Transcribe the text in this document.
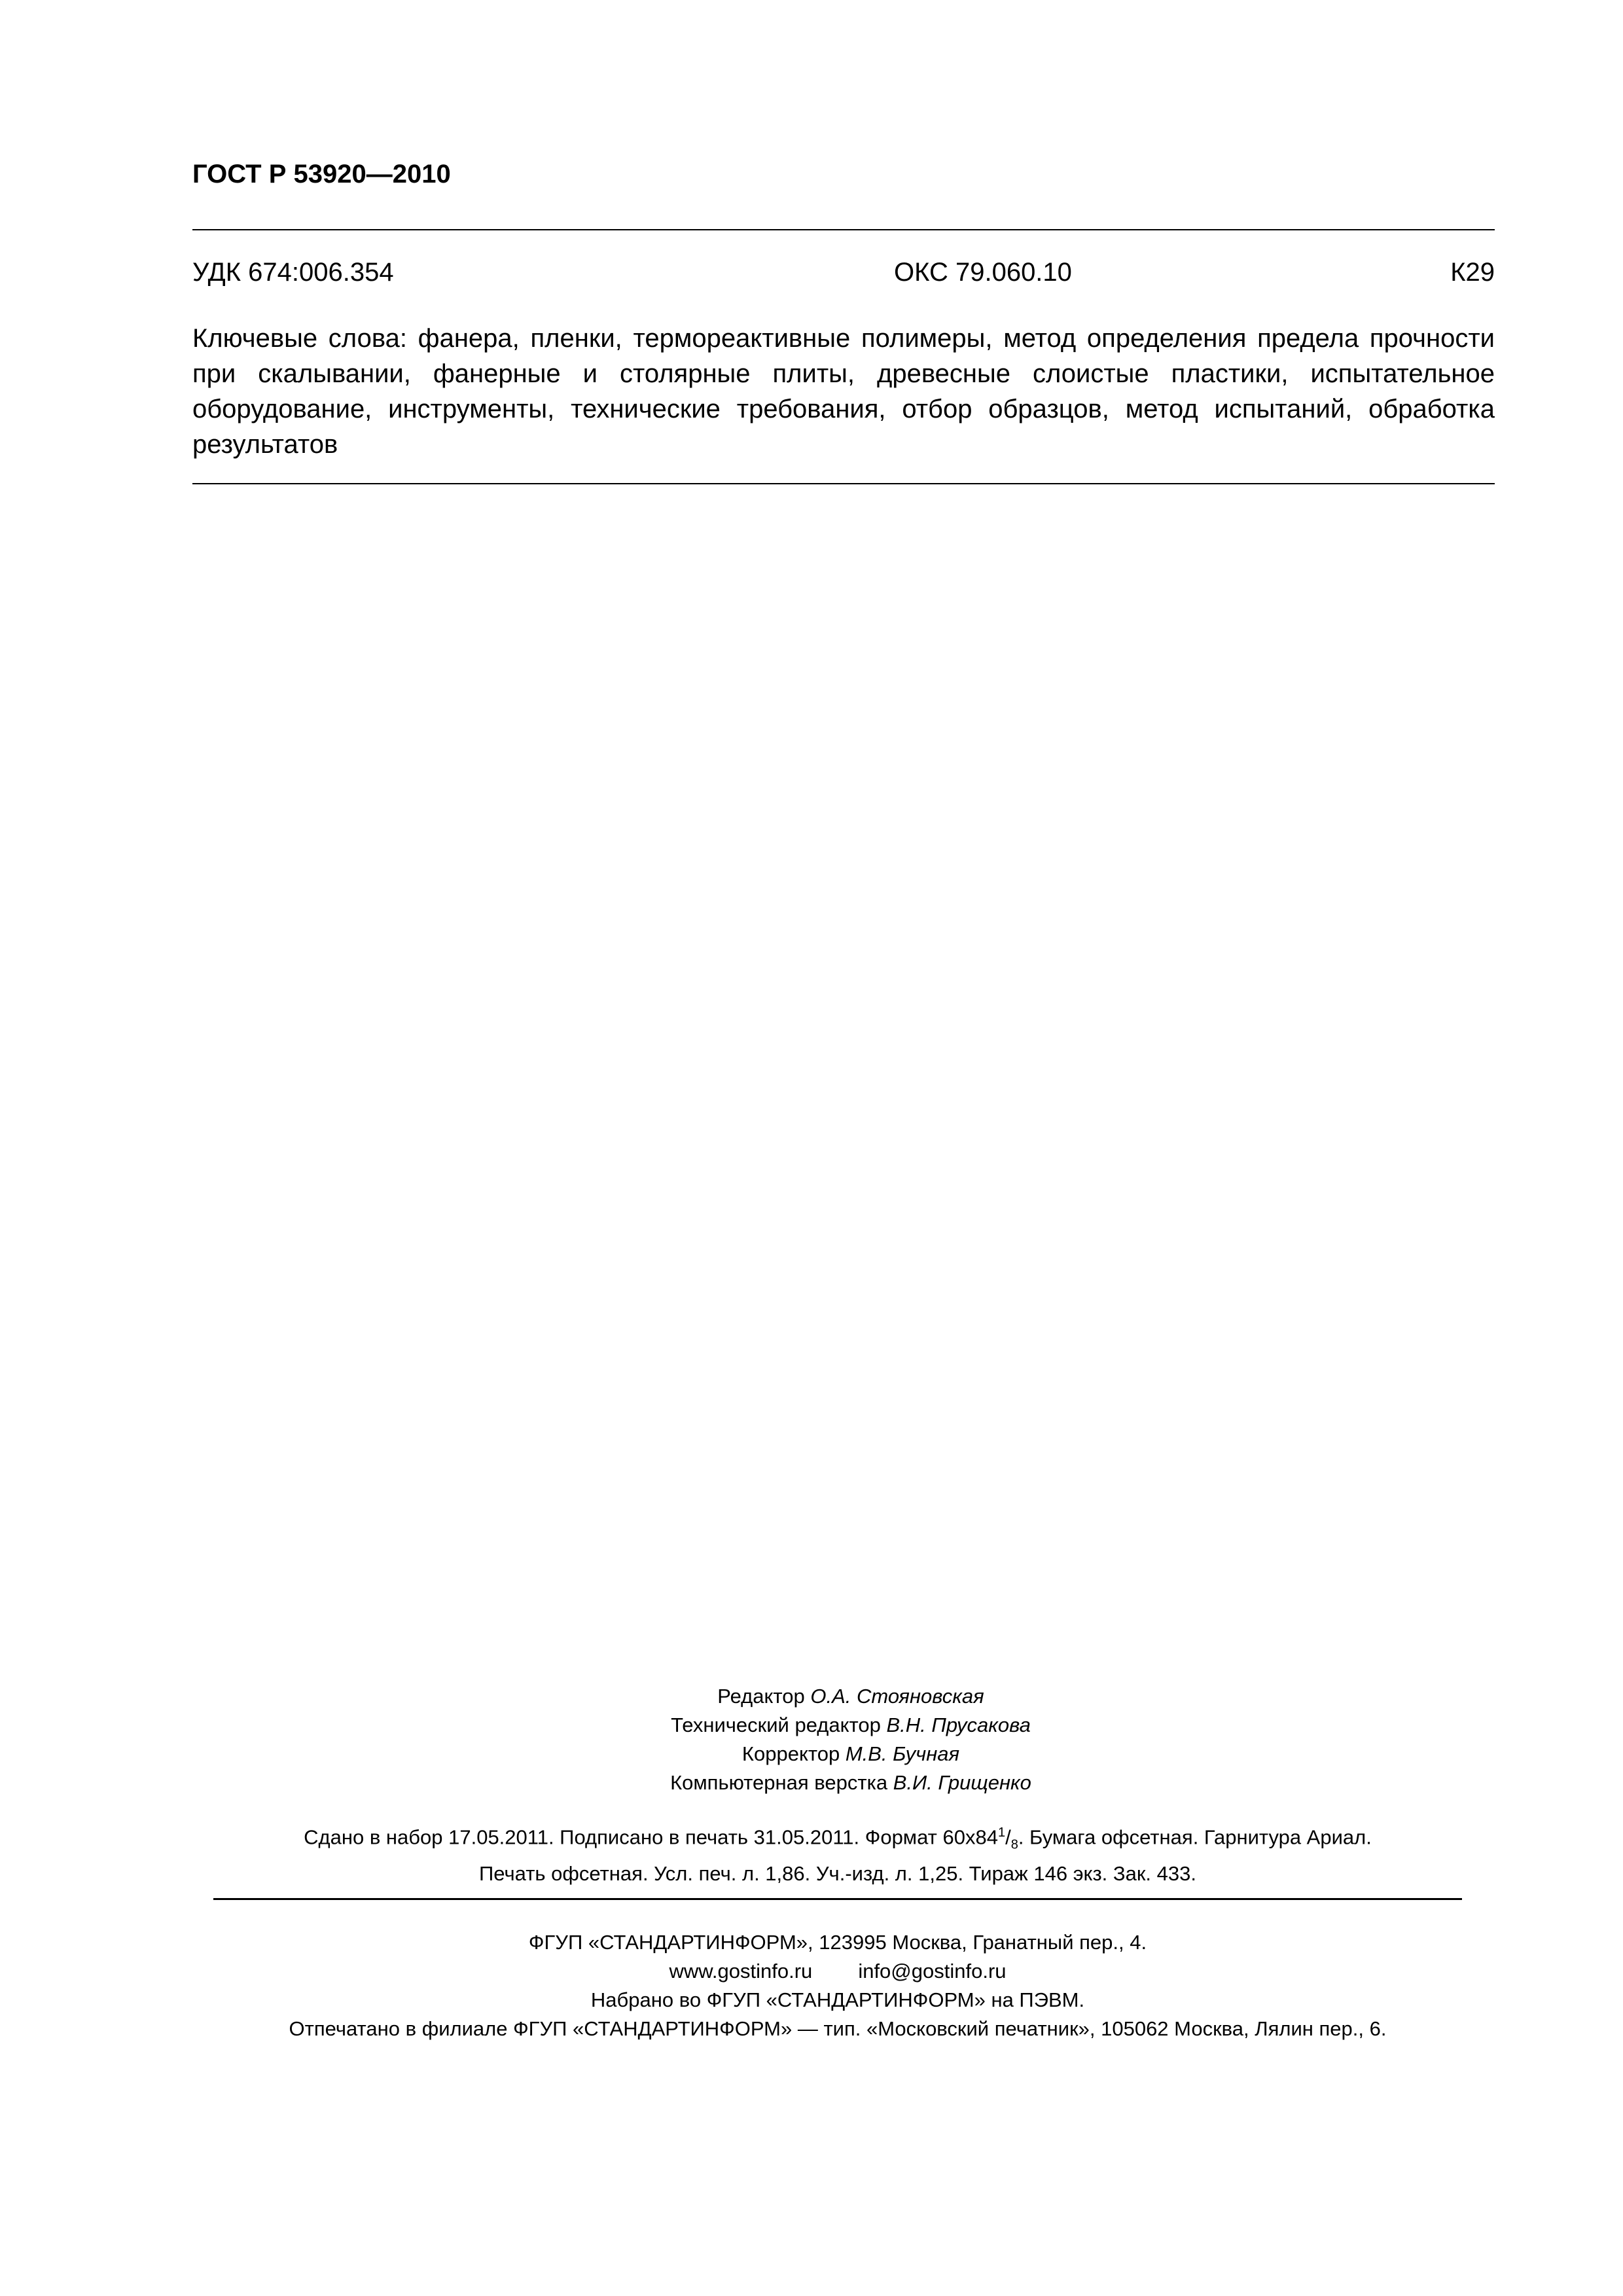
ГОСТ Р 53920—2010
УДК 674:006.354	ОКС 79.060.10	К29
Ключевые слова: фанера, пленки, термореактивные полимеры, метод определения предела прочности при скалывании, фанерные и столярные плиты, древесные слоистые пластики, испытательное оборудование, инструменты, технические требования, отбор образцов, метод испытаний, обработка результатов
Редактор О.А. Стояновская
Технический редактор В.Н. Прусакова
Корректор М.В. Бучная
Компьютерная верстка В.И. Грищенко
Сдано в набор 17.05.2011. Подписано в печать 31.05.2011. Формат $60x84^1/_8$. Бумага офсетная. Гарнитура Ариал.
Печать офсетная. Усл. печ. л. 1,86. Уч.-изд. л. 1,25. Тираж 146 экз. Зак. 433.
ФГУП «СТАНДАРТИНФОРМ», 123995 Москва, Гранатный пер., 4.
www.gostinfo.ru info@gostinfo.ru
Набрано во ФГУП «СТАНДАРТИНФОРМ» на ПЭВМ.
Отпечатано в филиале ФГУП «СТАНДАРТИНФОРМ» — тип. «Московский печатник», 105062 Москва, Лялин пер., 6.
